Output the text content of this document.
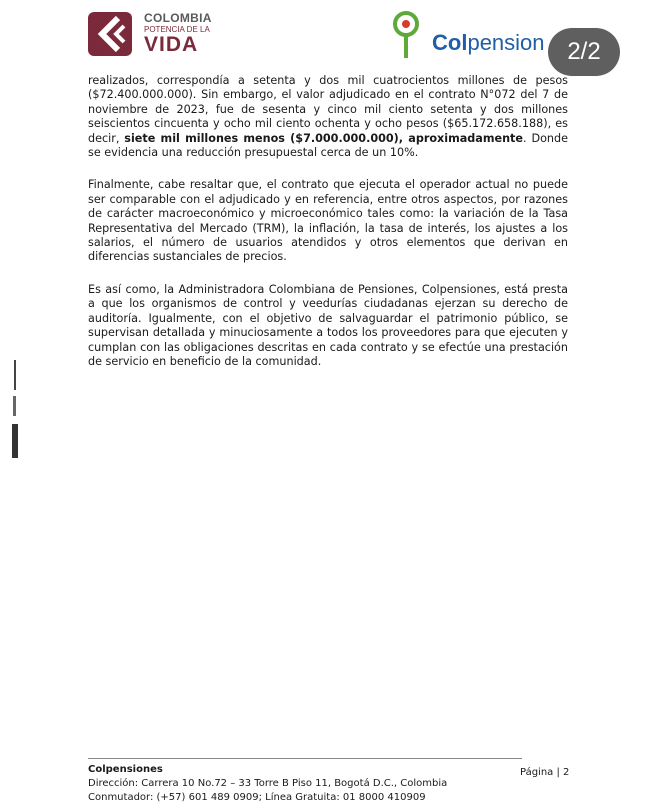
COLOMBIA
POTENCIA DE LA
VIDA	Colpension 2/2

realizados, correspondía a setenta y dos mil cuatrocientos millones de pesos ($72.400.000.000). Sin embargo, el valor adjudicado en el contrato N°072 del 7 de noviembre de 2023, fue de sesenta y cinco mil ciento setenta y dos millones seiscientos cincuenta y ocho mil ciento ochenta y ocho pesos ($65.172.658.188), es decir, siete mil millones menos ($7.000.000.000), aproximadamente. Donde se evidencia una reducción presupuestal cerca de un 10%.

Finalmente, cabe resaltar que, el contrato que ejecuta el operador actual no puede ser comparable con el adjudicado y en referencia, entre otros aspectos, por razones de carácter macroeconómico y microeconómico tales como: la variación de la Tasa Representativa del Mercado (TRM), la inflación, la tasa de interés, los ajustes a los salarios, el número de usuarios atendidos y otros elementos que derivan en diferencias sustanciales de precios.

Es así como, la Administradora Colombiana de Pensiones, Colpensiones, está presta a que los organismos de control y veedurías ciudadanas ejerzan su derecho de auditoría. Igualmente, con el objetivo de salvaguardar el patrimonio público, se supervisan detallada y minuciosamente a todos los proveedores para que ejecuten y cumplan con las obligaciones descritas en cada contrato y se efectúe una prestación de servicio en beneficio de la comunidad.

Colpensiones
Dirección: Carrera 10 No.72 – 33 Torre B Piso 11, Bogotá D.C., Colombia
Conmutador: (+57) 601 489 0909; Línea Gratuita: 01 8000 410909
Página | 2
